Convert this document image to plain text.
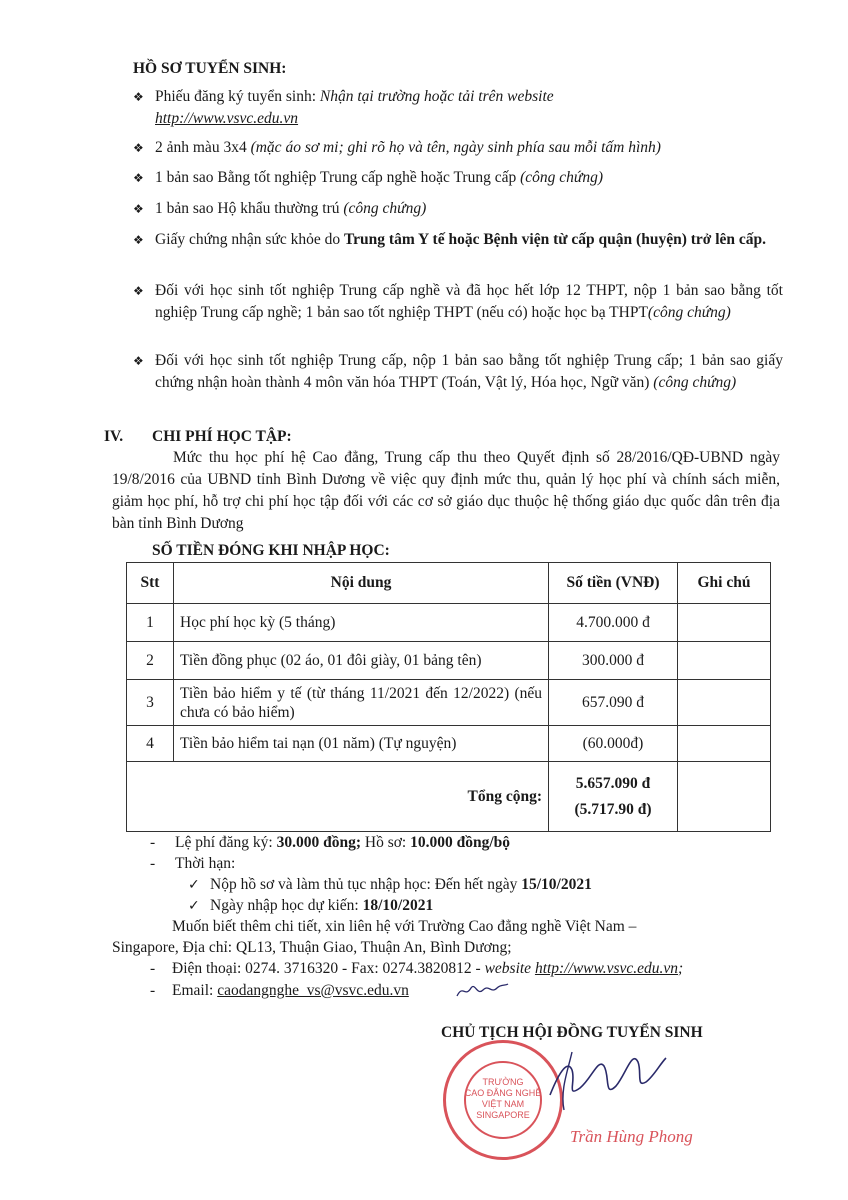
HỒ SƠ TUYỂN SINH:
❖ Phiếu đăng ký tuyển sinh: Nhận tại trường hoặc tải trên website
http://www.vsvc.edu.vn
❖ 2 ảnh màu 3x4 (mặc áo sơ mi; ghi rõ họ và tên, ngày sinh phía sau mỗi tấm hình)
❖ 1 bản sao Bằng tốt nghiệp Trung cấp nghề hoặc Trung cấp (công chứng)
❖ 1 bản sao Hộ khẩu thường trú (công chứng)
❖ Giấy chứng nhận sức khỏe do Trung tâm Y tế hoặc Bệnh viện từ cấp quận (huyện) trở lên cấp.
❖ Đối với học sinh tốt nghiệp Trung cấp nghề và đã học hết lớp 12 THPT, nộp 1 bản sao bằng tốt nghiệp Trung cấp nghề; 1 bản sao tốt nghiệp THPT (nếu có) hoặc học bạ THPT(công chứng)
❖ Đối với học sinh tốt nghiệp Trung cấp, nộp 1 bản sao bằng tốt nghiệp Trung cấp; 1 bản sao giấy chứng nhận hoàn thành 4 môn văn hóa THPT (Toán, Vật lý, Hóa học, Ngữ văn) (công chứng)
IV. CHI PHÍ HỌC TẬP:
Mức thu học phí hệ Cao đẳng, Trung cấp thu theo Quyết định số 28/2016/QĐ-UBND ngày 19/8/2016 của UBND tỉnh Bình Dương về việc quy định mức thu, quản lý học phí và chính sách miễn, giảm học phí, hỗ trợ chi phí học tập đối với các cơ sở giáo dục thuộc hệ thống giáo dục quốc dân trên địa bàn tỉnh Bình Dương
SỐ TIỀN ĐÓNG KHI NHẬP HỌC:
Stt	Nội dung	Số tiền (VNĐ)	Ghi chú
1	Học phí học kỳ (5 tháng)	4.700.000 đ	
2	Tiền đồng phục (02 áo, 01 đôi giày, 01 bảng tên)	300.000 đ	
3	Tiền bảo hiểm y tế (từ tháng 11/2021 đến 12/2022) (nếu chưa có bảo hiểm)	657.090 đ	
4	Tiền bảo hiểm tai nạn (01 năm) (Tự nguyện)	(60.000đ)	
Tổng cộng:		5.657.090 đ
(5.717.90 đ)	

- Lệ phí đăng ký: 30.000 đồng; Hồ sơ: 10.000 đồng/bộ
- Thời hạn:
✓ Nộp hồ sơ và làm thủ tục nhập học: Đến hết ngày 15/10/2021
✓ Ngày nhập học dự kiến: 18/10/2021
Muốn biết thêm chi tiết, xin liên hệ với Trường Cao đẳng nghề Việt Nam –
Singapore, Địa chỉ: QL13, Thuận Giao, Thuận An, Bình Dương;
- Điện thoại: 0274. 3716320 - Fax: 0274.3820812 - website http://www.vsvc.edu.vn;
- Email: caodangnghe_vs@vsvc.edu.vn
CHỦ TỊCH HỘI ĐỒNG TUYỂN SINH
TRƯỜNG
CAO ĐẲNG NGHỀ
VIỆT NAM
SINGAPORE
Trần Hùng Phong
